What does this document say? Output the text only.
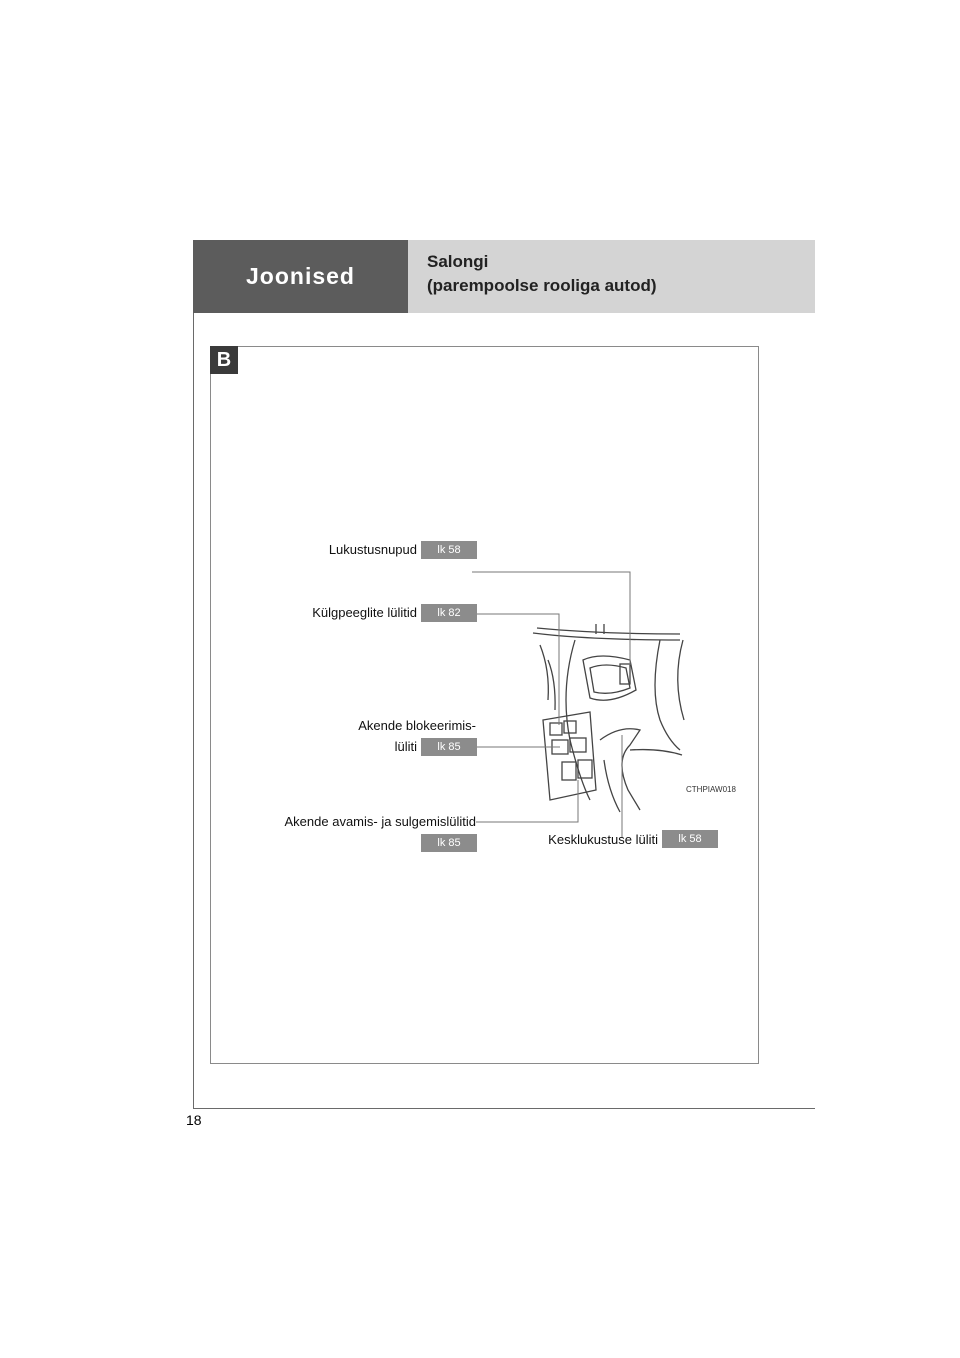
Joonised
Salongi
(parempoolse rooliga autod)
18
B
Lukustusnupud	lk 58
Külgpeeglite lülitid	lk 82
Akende blokeerimis-
lüliti	lk 85
Akende avamis- ja sulgemislülitid
lk 85	Kesklukustuse lüliti	lk 58
CTHPIAW018
